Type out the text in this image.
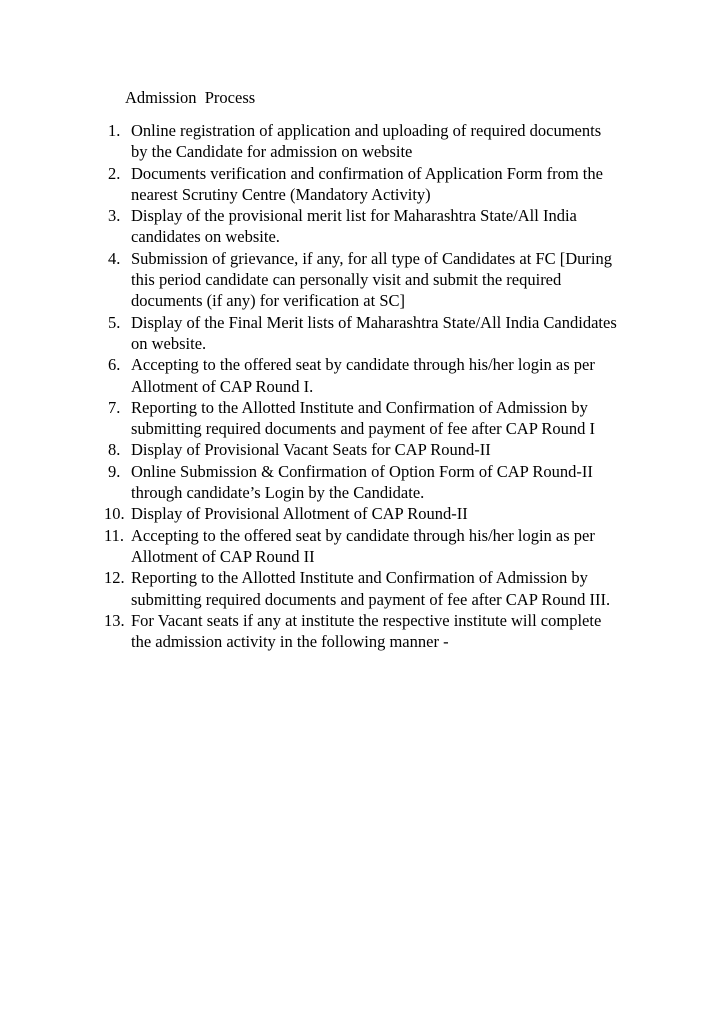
Admission  Process
1. Online registration of application and uploading of required documents
by the Candidate for admission on website
2. Documents verification and confirmation of Application Form from the
nearest Scrutiny Centre (Mandatory Activity)
3. Display of the provisional merit list for Maharashtra State/All India
candidates on website.
4. Submission of grievance, if any, for all type of Candidates at FC [During
this period candidate can personally visit and submit the required
documents (if any) for verification at SC]
5. Display of the Final Merit lists of Maharashtra State/All India Candidates
on website.
6. Accepting to the offered seat by candidate through his/her login as per
Allotment of CAP Round I.
7. Reporting to the Allotted Institute and Confirmation of Admission by
submitting required documents and payment of fee after CAP Round I
8. Display of Provisional Vacant Seats for CAP Round-II
9. Online Submission & Confirmation of Option Form of CAP Round-II
through candidate’s Login by the Candidate.
10. Display of Provisional Allotment of CAP Round-II
11. Accepting to the offered seat by candidate through his/her login as per
Allotment of CAP Round II
12. Reporting to the Allotted Institute and Confirmation of Admission by
submitting required documents and payment of fee after CAP Round III.
13. For Vacant seats if any at institute the respective institute will complete
the admission activity in the following manner -
